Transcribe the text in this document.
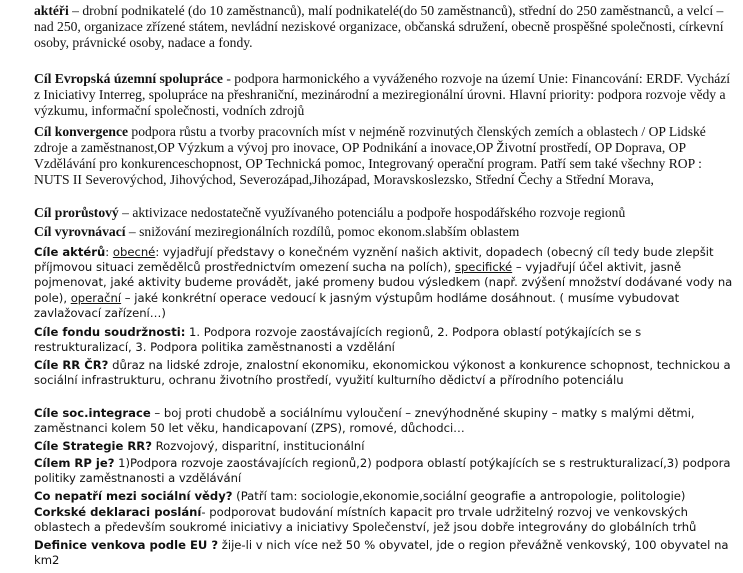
aktéři – drobní podnikatelé (do 10 zaměstnanců), malí podnikatelé(do 50 zaměstnanců), střední do 250 zaměstnanců, a velcí – nad 250, organizace zřízené státem, nevládní neziskové organizace, občanská sdružení, obecně prospěšné společnosti, církevní osoby, právnické osoby, nadace a fondy.

Cíl Evropská územní spolupráce - podpora harmonického a vyváženého rozvoje na území Unie: Financování: ERDF. Vychází z Iniciativy Interreg, spolupráce na přeshraniční, mezinárodní a meziregionální úrovni. Hlavní priority: podpora rozvoje vědy a výzkumu, informační společnosti, vodních zdrojů

Cíl konvergence podpora růstu a tvorby pracovních míst v nejméně rozvinutých členských zemích a oblastech / OP Lidské zdroje a zaměstnanost,OP Výzkum a vývoj pro inovace, OP Podnikání a inovace,OP Životní prostředí, OP Doprava, OP Vzdělávání pro konkurenceschopnost, OP Technická pomoc, Integrovaný operační program. Patří sem také všechny ROP : NUTS II Severovýchod, Jihovýchod, Severozápad,Jihozápad, Moravskoslezsko, Střední Čechy a Střední Morava,

Cíl prorůstový – aktivizace nedostatečně využívaného potenciálu a podpoře hospodářského rozvoje regionů

Cíl vyrovnávací – snižování meziregionálních rozdílů, pomoc ekonom.slabším oblastem

Cíle aktérů: obecné: vyjadřují představy o konečném vyznění našich aktivit, dopadech (obecný cíl tedy bude zlepšit příjmovou situaci zemědělců prostřednictvím omezení sucha na polích), specifické – vyjadřují účel aktivit, jasně pojmenovat, jaké aktivity budeme provádět, jaké promeny budou výsledkem (např. zvýšení množství dodávané vody na pole), operační – jaké konkrétní operace vedoucí k jasným výstupům hodláme dosáhnout. ( musíme vybudovat zavlažovací zařízení…)

Cíle fondu soudržnosti: 1. Podpora rozvoje zaostávajících regionů, 2. Podpora oblastí potýkajících se s restrukturalizací, 3. Podpora politika zaměstnanosti a vzdělání

Cíle RR ČR? důraz na lidské zdroje, znalostní ekonomiku, ekonomickou výkonost a konkurence schopnost, technickou a sociální infrastrukturu, ochranu životního prostředí, využití kulturního dědictví a přírodního potenciálu

Cíle soc.integrace – boj proti chudobě a sociálnímu vyloučení – znevýhodněné skupiny – matky s malými dětmi, zaměstnanci kolem 50 let věku, handicapovaní (ZPS), romové, důchodci…

Cíle Strategie RR? Rozvojový, disparitní, institucionální

Cílem RP je? 1)Podpora rozvoje zaostávajících regionů,2) podpora oblastí potýkajících se s restrukturalizací,3) podpora politiky zaměstnanosti a vzdělávání

Co nepatří mezi sociální vědy? (Patří tam: sociologie,ekonomie,sociální geografie a antropologie, politologie)

Corkské deklaraci poslání- podporovat budování místních kapacit pro trvale udržitelný rozvoj ve venkovských oblastech a především soukromé iniciativy a iniciativy Společenství, jež jsou dobře integrovány do globálních trhů

Definice venkova podle EU ? žije-li v nich více než 50 % obyvatel, jde o region převážně venkovský, 100 obyvatel na km2
